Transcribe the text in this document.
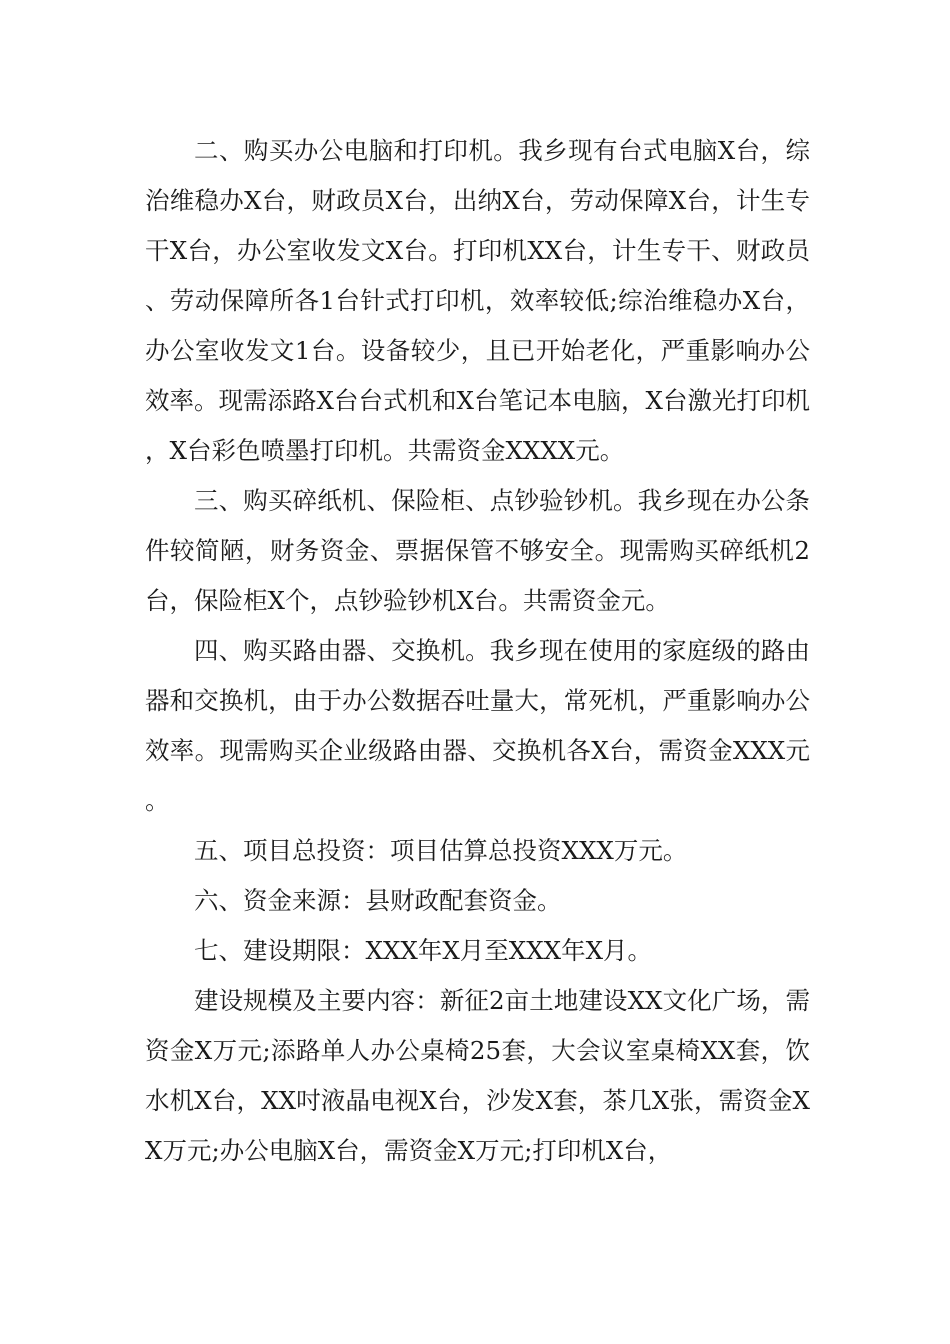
二、购买办公电脑和打印机。我乡现有台式电脑X台，综治维稳办X台，财政员X台，出纳X台，劳动保障X台，计生专干X台，办公室收发文X台。打印机XX台，计生专干、财政员、劳动保障所各1台针式打印机，效率较低;综治维稳办X台，办公室收发文1台。设备较少，且已开始老化，严重影响办公效率。现需添路X台台式机和X台笔记本电脑，X台激光打印机，X台彩色喷墨打印机。共需资金XXXX元。

三、购买碎纸机、保险柜、点钞验钞机。我乡现在办公条件较简陋，财务资金、票据保管不够安全。现需购买碎纸机2台，保险柜X个，点钞验钞机X台。共需资金元。

四、购买路由器、交换机。我乡现在使用的家庭级的路由器和交换机，由于办公数据吞吐量大，常死机，严重影响办公效率。现需购买企业级路由器、交换机各X台，需资金XXX元。

五、项目总投资：项目估算总投资XXX万元。

六、资金来源：县财政配套资金。

七、建设期限：XXX年X月至XXX年X月。

建设规模及主要内容：新征2亩土地建设XX文化广场，需资金X万元;添路单人办公桌椅25套，大会议室桌椅XX套，饮水机X台，XX吋液晶电视X台，沙发X套，茶几X张，需资金XX万元;办公电脑X台，需资金X万元;打印机X台，
